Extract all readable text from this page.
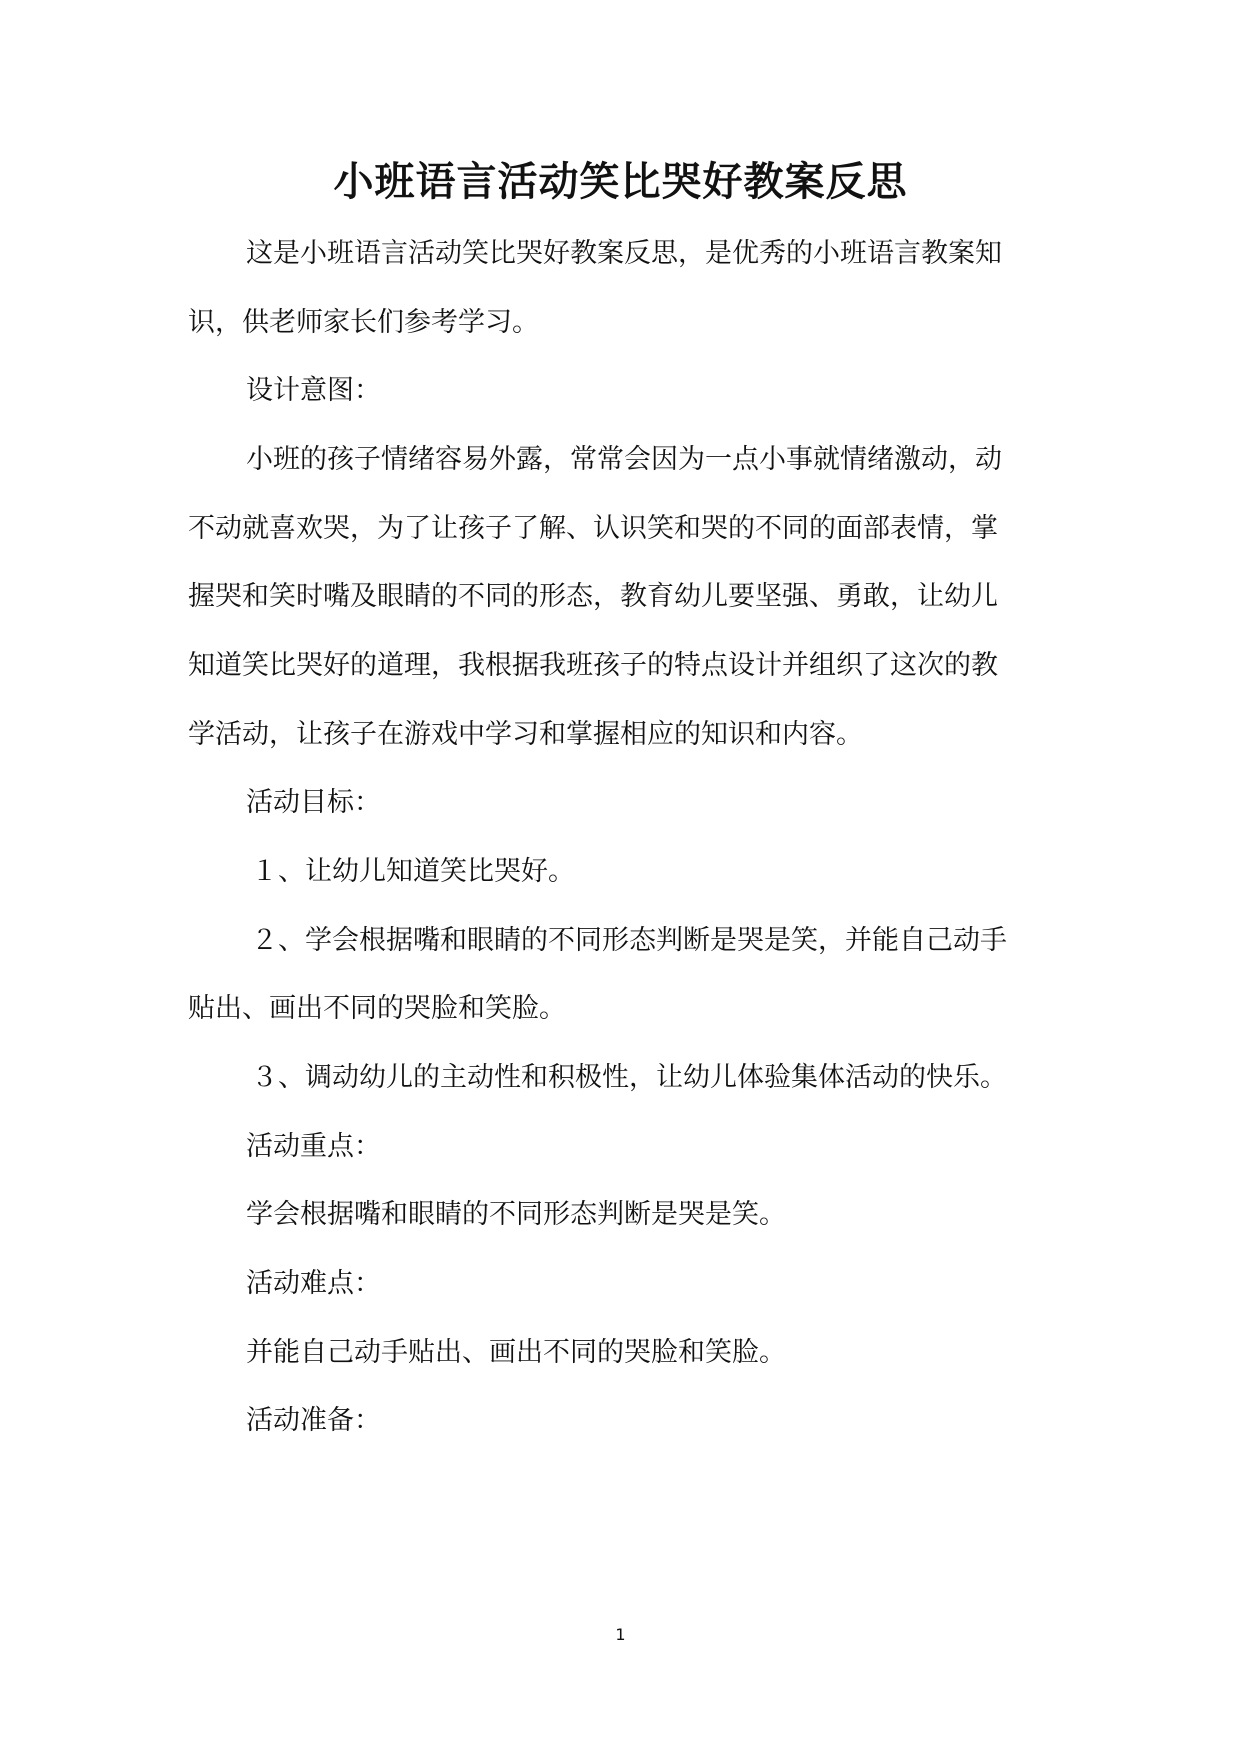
小班语言活动笑比哭好教案反思
这是小班语言活动笑比哭好教案反思，是优秀的小班语言教案知
识，供老师家长们参考学习。
设计意图：
小班的孩子情绪容易外露，常常会因为一点小事就情绪激动，动
不动就喜欢哭，为了让孩子了解、认识笑和哭的不同的面部表情，掌
握哭和笑时嘴及眼睛的不同的形态，教育幼儿要坚强、勇敢，让幼儿
知道笑比哭好的道理，我根据我班孩子的特点设计并组织了这次的教
学活动，让孩子在游戏中学习和掌握相应的知识和内容。
活动目标：
１、让幼儿知道笑比哭好。
２、学会根据嘴和眼睛的不同形态判断是哭是笑，并能自己动手
贴出、画出不同的哭脸和笑脸。
３、调动幼儿的主动性和积极性，让幼儿体验集体活动的快乐。
活动重点：
学会根据嘴和眼睛的不同形态判断是哭是笑。
活动难点：
并能自己动手贴出、画出不同的哭脸和笑脸。
活动准备：
1
